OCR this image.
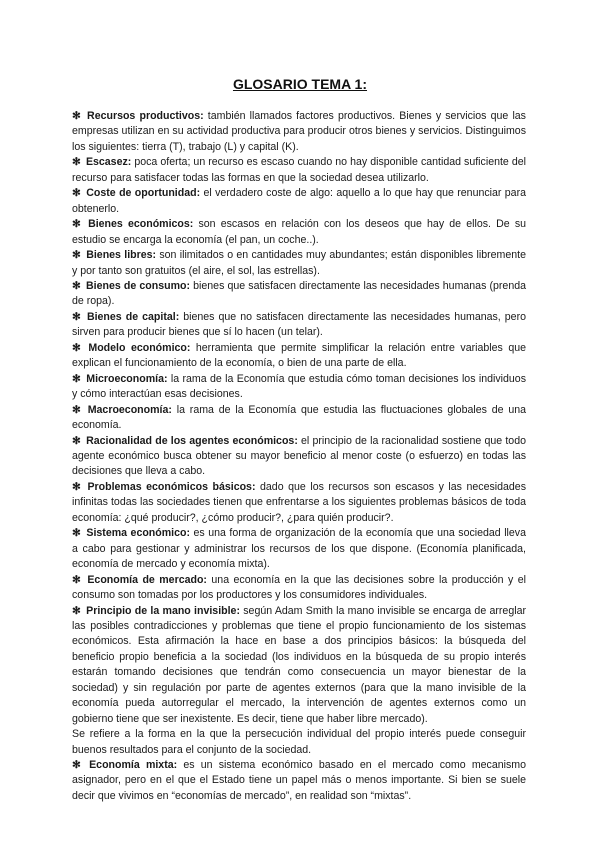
GLOSARIO TEMA 1:

✻ Recursos productivos: también llamados factores productivos. Bienes y servicios que las empresas utilizan en su actividad productiva para producir otros bienes y servicios. Distinguimos los siguientes: tierra (T), trabajo (L) y capital (K).

✻ Escasez: poca oferta; un recurso es escaso cuando no hay disponible cantidad suficiente del recurso para satisfacer todas las formas en que la sociedad desea utilizarlo.

✻ Coste de oportunidad: el verdadero coste de algo: aquello a lo que hay que renunciar para obtenerlo.

✻ Bienes económicos: son escasos en relación con los deseos que hay de ellos. De su estudio se encarga la economía (el pan, un coche..).

✻ Bienes libres: son ilimitados o en cantidades muy abundantes; están disponibles libremente y por tanto son gratuitos (el aire, el sol, las estrellas).

✻ Bienes de consumo: bienes que satisfacen directamente las necesidades humanas (prenda de ropa).

✻ Bienes de capital: bienes que no satisfacen directamente las necesidades humanas, pero sirven para producir bienes que sí lo hacen (un telar).

✻ Modelo económico: herramienta que permite simplificar la relación entre variables que explican el funcionamiento de la economía, o bien de una parte de ella.

✻ Microeconomía: la rama de la Economía que estudia cómo toman decisiones los individuos y cómo interactúan esas decisiones.

✻ Macroeconomía: la rama de la Economía que estudia las fluctuaciones globales de una economía.

✻ Racionalidad de los agentes económicos: el principio de la racionalidad sostiene que todo agente económico busca obtener su mayor beneficio al menor coste (o esfuerzo) en todas las decisiones que lleva a cabo.

✻ Problemas económicos básicos: dado que los recursos son escasos y las necesidades infinitas todas las sociedades tienen que enfrentarse a los siguientes problemas básicos de toda economía: ¿qué producir?, ¿cómo producir?, ¿para quién producir?.

✻ Sistema económico: es una forma de organización de la economía que una sociedad lleva a cabo para gestionar y administrar los recursos de los que dispone. (Economía planificada, economía de mercado y economía mixta).

✻ Economía de mercado: una economía en la que las decisiones sobre la producción y el consumo son tomadas por los productores y los consumidores individuales.

✻ Principio de la mano invisible: según Adam Smith la mano invisible se encarga de arreglar las posibles contradicciones y problemas que tiene el propio funcionamiento de los sistemas económicos. Esta afirmación la hace en base a dos principios básicos: la búsqueda del beneficio propio beneficia a la sociedad (los individuos en la búsqueda de su propio interés estarán tomando decisiones que tendrán como consecuencia un mayor bienestar de la sociedad) y sin regulación por parte de agentes externos (para que la mano invisible de la economía pueda autorregular el mercado, la intervención de agentes externos como un gobierno tiene que ser inexistente. Es decir, tiene que haber libre mercado).

Se refiere a la forma en la que la persecución individual del propio interés puede conseguir buenos resultados para el conjunto de la sociedad.

✻ Economía mixta: es un sistema económico basado en el mercado como mecanismo asignador, pero en el que el Estado tiene un papel más o menos importante. Si bien se suele decir que vivimos en “economías de mercado”, en realidad son “mixtas”.
